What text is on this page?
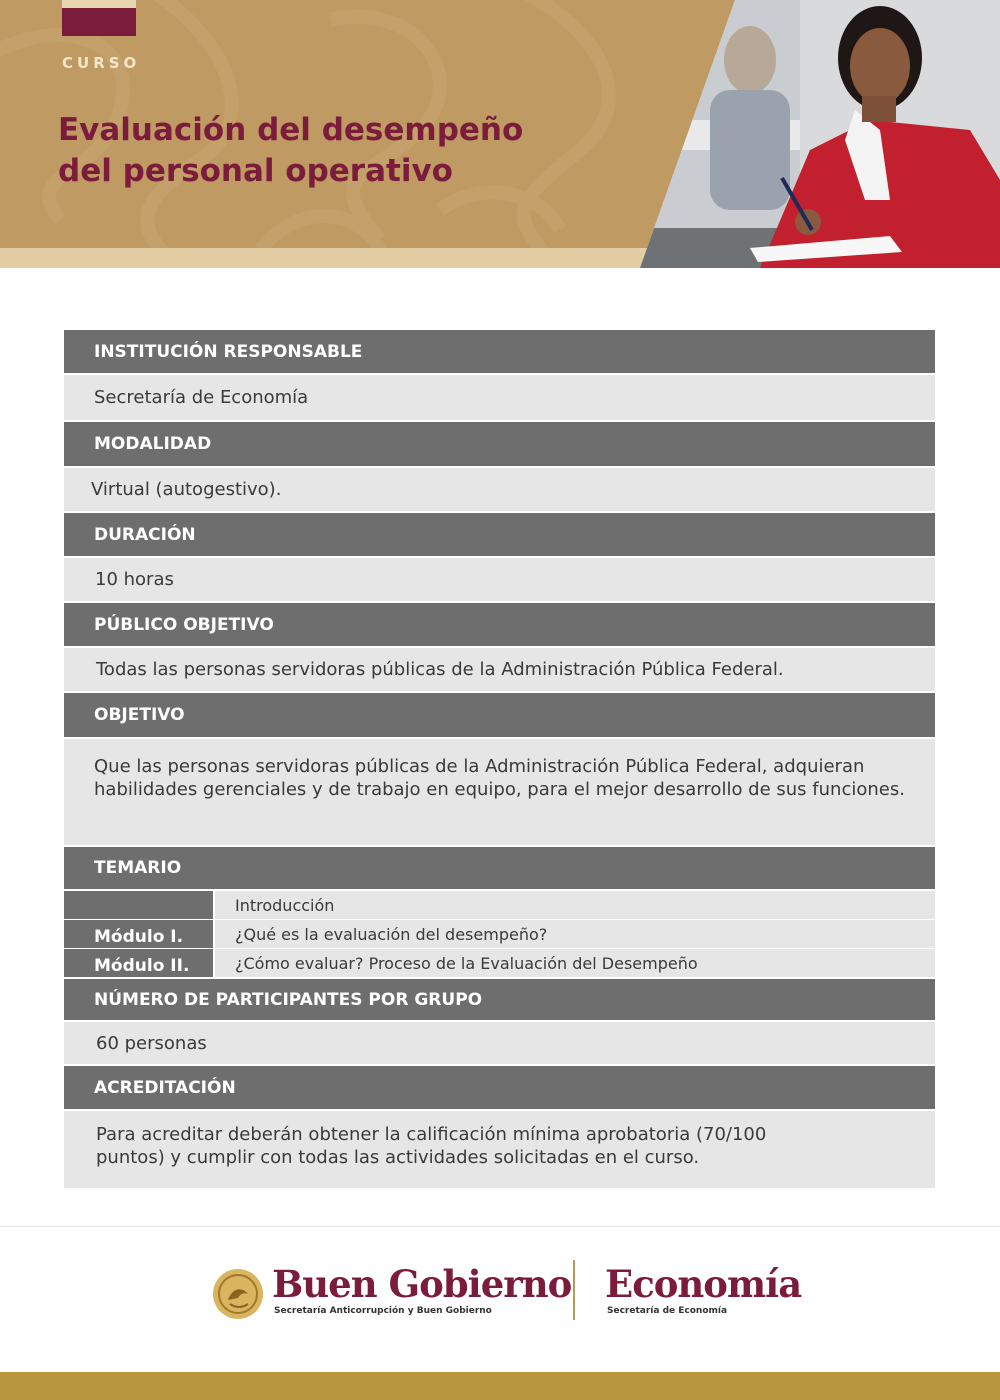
CURSO
Evaluación del desempeño
del personal operativo
INSTITUCIÓN RESPONSABLE
Secretaría de Economía
MODALIDAD
Virtual (autogestivo).
DURACIÓN
10 horas
PÚBLICO OBJETIVO
Todas las personas servidoras públicas de la Administración Pública Federal.
OBJETIVO
Que las personas servidoras públicas de la Administración Pública Federal, adquieran habilidades gerenciales y de trabajo en equipo, para el mejor desarrollo de sus funciones.
TEMARIO
Introducción
Módulo I.	¿Qué es la evaluación del desempeño?
Módulo II.	¿Cómo evaluar? Proceso de la Evaluación del Desempeño
NÚMERO DE PARTICIPANTES POR GRUPO
60 personas
ACREDITACIÓN
Para acreditar deberán obtener la calificación mínima aprobatoria (70/100 puntos) y cumplir con todas las actividades solicitadas en el curso.
Buen Gobierno
Secretaría Anticorrupción y Buen Gobierno
Economía
Secretaría de Economía
